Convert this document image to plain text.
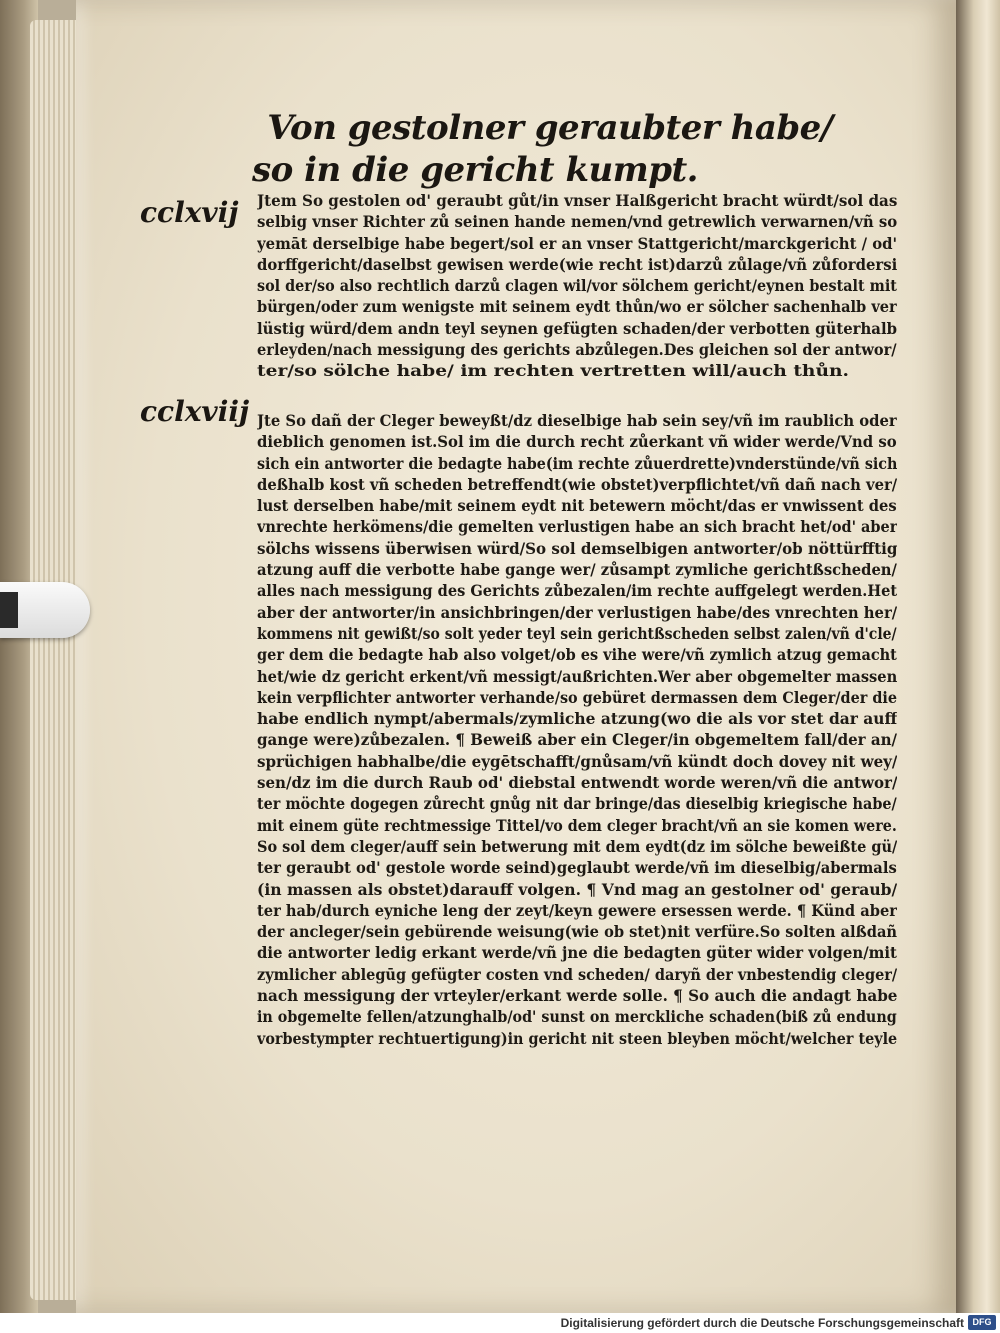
Von gestolner geraubter habe/
so in die gericht kumpt.
cclxvij
cclxviij
Jtem So gestolen od' geraubt gůt/in vnser Halßgericht bracht würdt/sol das
selbig vnser Richter zů seinen hande nemen/vnd getrewlich verwarnen/vñ so
yemāt derselbige habe begert/sol er an vnser Stattgericht/marckgericht / od'
dorffgericht/daselbst gewisen werde(wie recht ist)darzů zůlage/vñ zůfordersi
sol der/so also rechtlich darzů clagen wil/vor sölchem gericht/eynen bestalt mit
bürgen/oder zum wenigste mit seinem eydt thůn/wo er sölcher sachenhalb ver
lüstig würd/dem andn teyl seynen gefügten schaden/der verbotten güterhalb
erleyden/nach messigung des gerichts abzůlegen.Des gleichen sol der antwor/
ter/so sölche habe/ im rechten vertretten will/auch thůn.
Jte So dañ der Cleger beweyßt/dz dieselbige hab sein sey/vñ im raublich oder
dieblich genomen ist.Sol im die durch recht zůerkant vñ wider werde/Vnd so
sich ein antworter die bedagte habe(im rechte zůuerdrette)vnderstünde/vñ sich
deßhalb kost vñ scheden betreffendt(wie obstet)verpflichtet/vñ dañ nach ver/
lust derselben habe/mit seinem eydt nit betewern möcht/das er vnwissent des
vnrechte herkömens/die gemelten verlustigen habe an sich bracht het/od' aber
sölchs wissens überwisen würd/So sol demselbigen antworter/ob nöttürfftig
atzung auff die verbotte habe gange wer/ zůsampt zymliche gerichtßscheden/
alles nach messigung des Gerichts zůbezalen/im rechte auffgelegt werden.Het
aber der antworter/in ansichbringen/der verlustigen habe/des vnrechten her/
kommens nit gewißt/so solt yeder teyl sein gerichtßscheden selbst zalen/vñ d'cle/
ger dem die bedagte hab also volget/ob es vihe were/vñ zymlich atzug gemacht
het/wie dz gericht erkent/vñ messigt/außrichten.Wer aber obgemelter massen
kein verpflichter antworter verhande/so gebüret dermassen dem Cleger/der die
habe endlich nympt/abermals/zymliche atzung(wo die als vor stet dar auff
gange were)zůbezalen. ¶ Beweiß aber ein Cleger/in obgemeltem fall/der an/
sprüchigen habhalbe/die eygētschafft/gnůsam/vñ kündt doch dovey nit wey/
sen/dz im die durch Raub od' diebstal entwendt worde weren/vñ die antwor/
ter möchte dogegen zůrecht gnůg nit dar bringe/das dieselbig kriegische habe/
mit einem güte rechtmessige Tittel/vo dem cleger bracht/vñ an sie komen were.
So sol dem cleger/auff sein betwerung mit dem eydt(dz im sölche beweißte gü/
ter geraubt od' gestole worde seind)geglaubt werde/vñ im dieselbig/abermals
(in massen als obstet)darauff volgen. ¶ Vnd mag an gestolner od' geraub/
ter hab/durch eyniche leng der zeyt/keyn gewere ersessen werde. ¶ Künd aber
der ancleger/sein gebürende weisung(wie ob stet)nit verfüre.So solten alßdañ
die antworter ledig erkant werde/vñ jne die bedagten güter wider volgen/mit
zymlicher ablegūg gefügter costen vnd scheden/ daryñ der vnbestendig cleger/
nach messigung der vrteyler/erkant werde solle. ¶ So auch die andagt habe
in obgemelte fellen/atzunghalb/od' sunst on merckliche schaden(biß zů endung
vorbestympter rechtuertigung)in gericht nit steen bleyben möcht/welcher teyle
Digitalisierung gefördert durch die Deutsche Forschungsgemeinschaft DFG
